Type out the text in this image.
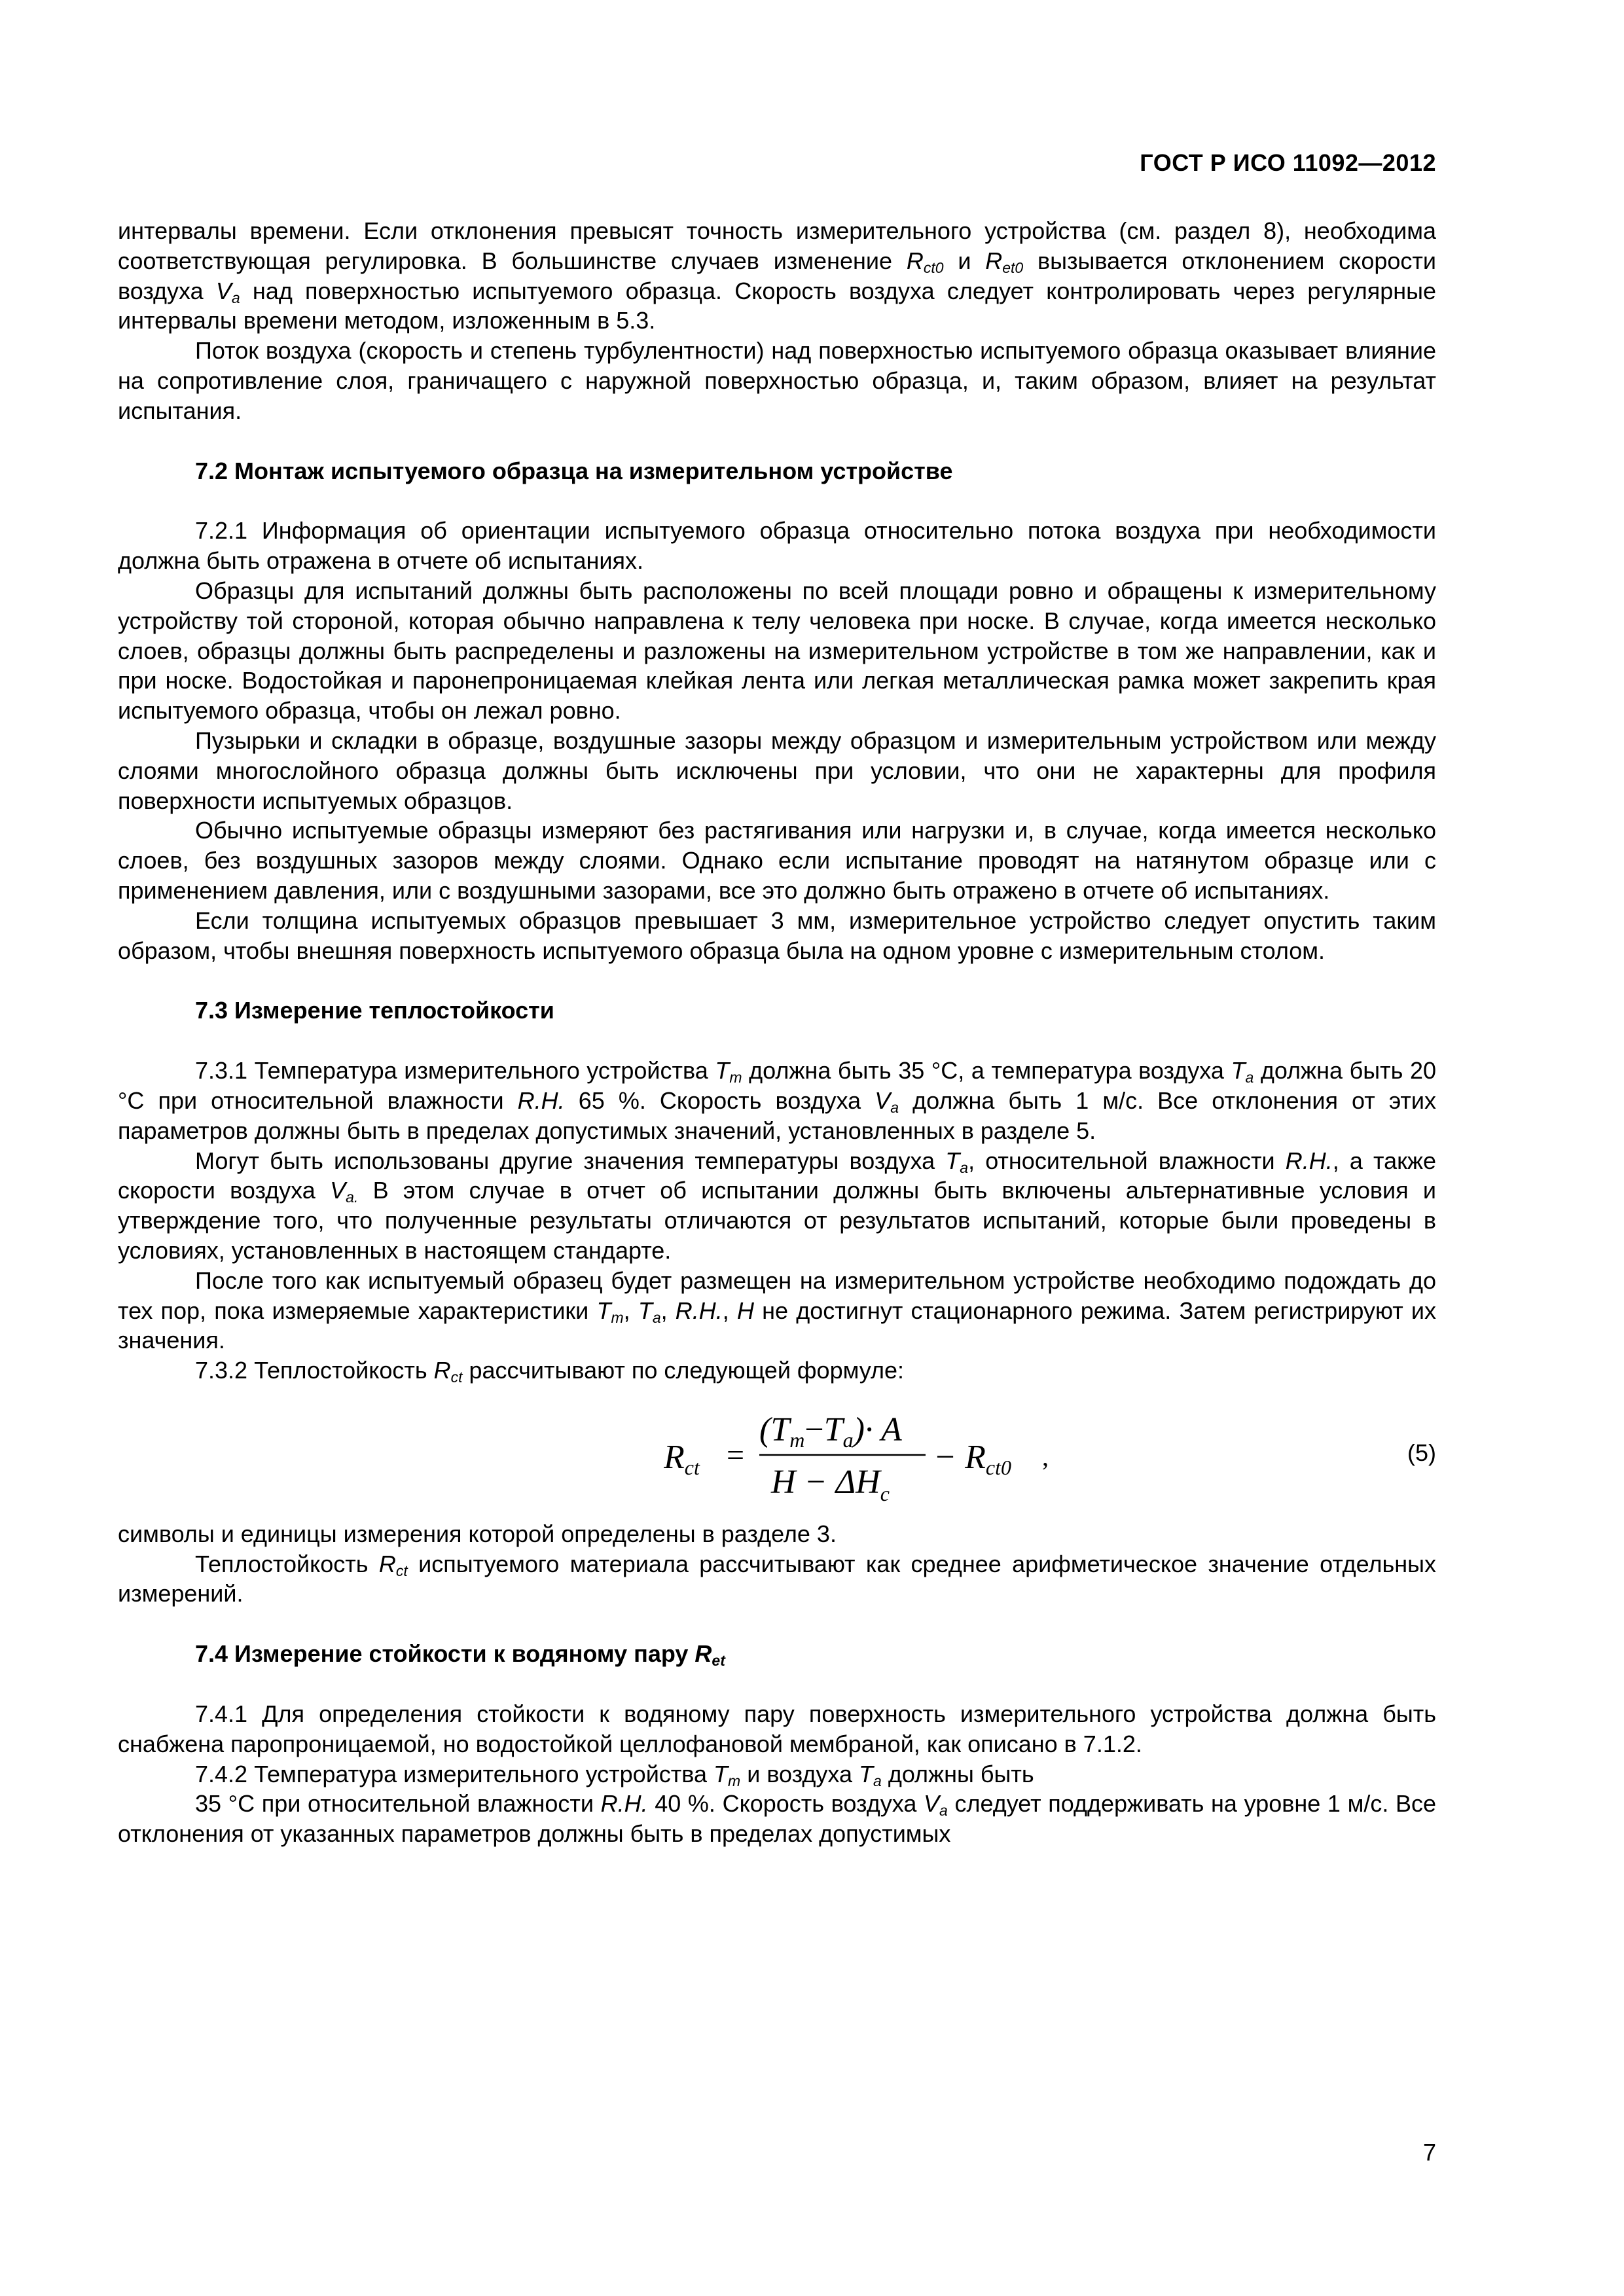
ГОСТ Р ИСО 11092—2012

интервалы времени. Если отклонения превысят точность измерительного устройства (см. раздел 8), необходима соответствующая регулировка. В большинстве случаев изменение $R_{ct0}$ и $R_{et0}$ вызывается отклонением скорости воздуха $V_a$ над поверхностью испытуемого образца. Скорость воздуха следует контролировать через регулярные интервалы времени методом, изложенным в 5.3.

Поток воздуха (скорость и степень турбулентности) над поверхностью испытуемого образца оказывает влияние на сопротивление слоя, граничащего с наружной поверхностью образца, и, таким образом, влияет на результат испытания.

7.2 Монтаж испытуемого образца на измерительном устройстве

7.2.1 Информация об ориентации испытуемого образца относительно потока воздуха при необходимости должна быть отражена в отчете об испытаниях.

Образцы для испытаний должны быть расположены по всей площади ровно и обращены к измерительному устройству той стороной, которая обычно направлена к телу человека при носке. В случае, когда имеется несколько слоев, образцы должны быть распределены и разложены на измерительном устройстве в том же направлении, как и при носке. Водостойкая и паронепроницаемая клейкая лента или легкая металлическая рамка может закрепить края испытуемого образца, чтобы он лежал ровно.

Пузырьки и складки в образце, воздушные зазоры между образцом и измерительным устройством или между слоями многослойного образца должны быть исключены при условии, что они не характерны для профиля поверхности испытуемых образцов.

Обычно испытуемые образцы измеряют без растягивания или нагрузки и, в случае, когда имеется несколько слоев, без воздушных зазоров между слоями. Однако если испытание проводят на натянутом образце или с применением давления, или с воздушными зазорами, все это должно быть отражено в отчете об испытаниях.

Если толщина испытуемых образцов превышает 3 мм, измерительное устройство следует опустить таким образом, чтобы внешняя поверхность испытуемого образца была на одном уровне с измерительным столом.

7.3 Измерение теплостойкости

7.3.1 Температура измерительного устройства $T_m$ должна быть 35 °С, а температура воздуха $T_a$ должна быть 20 °С при относительной влажности R.H. 65 %. Скорость воздуха $V_a$ должна быть 1 м/с. Все отклонения от этих параметров должны быть в пределах допустимых значений, установленных в разделе 5.

Могут быть использованы другие значения температуры воздуха $T_a$, относительной влажности R.H., а также скорости воздуха $V_{a.}$ В этом случае в отчет об испытании должны быть включены альтернативные условия и утверждение того, что полученные результаты отличаются от результатов испытаний, которые были проведены в условиях, установленных в настоящем стандарте.

После того как испытуемый образец будет размещен на измерительном устройстве необходимо подождать до тех пор, пока измеряемые характеристики $T_m$, $T_a$, R.H., H не достигнут стационарного режима. Затем регистрируют их значения.

7.3.2 Теплостойкость $R_{ct}$ рассчитывают по следующей формуле:

Rct =
(Tm−Ta)· A
$H - \Delta H_c$
− Rct0 ,	(5)

символы и единицы измерения которой определены в разделе 3.

Теплостойкость $R_{ct}$ испытуемого материала рассчитывают как среднее арифметическое значение отдельных измерений.

7.4 Измерение стойкости к водяному пару $R_{et}$

7.4.1 Для определения стойкости к водяному пару поверхность измерительного устройства должна быть снабжена паропроницаемой, но водостойкой целлофановой мембраной, как описано в 7.1.2.

7.4.2 Температура измерительного устройства $T_m$ и воздуха $T_a$ должны быть

35 °С при относительной влажности R.H. 40 %. Скорость воздуха $V_a$ следует поддерживать на уровне 1 м/с. Все отклонения от указанных параметров должны быть в пределах допустимых

7
